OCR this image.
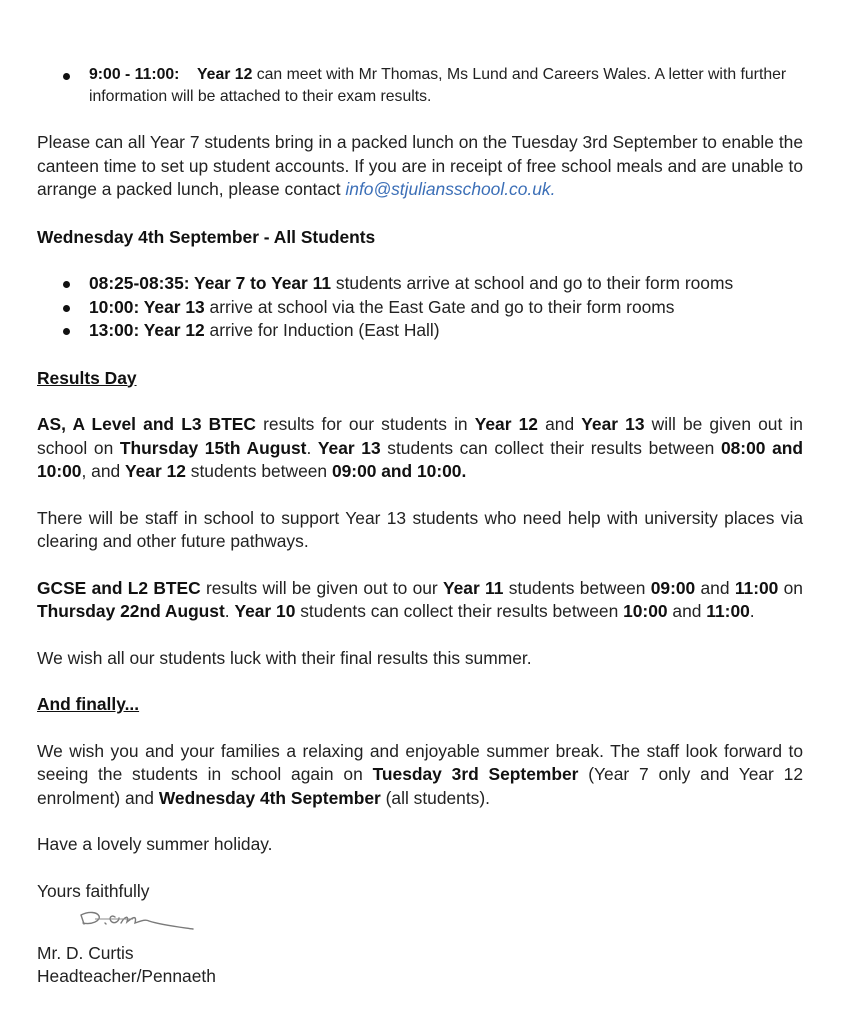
9:00 - 11:00: Year 12 can meet with Mr Thomas, Ms Lund and Careers Wales. A letter with further information will be attached to their exam results.

Please can all Year 7 students bring in a packed lunch on the Tuesday 3rd September to enable the canteen time to set up student accounts. If you are in receipt of free school meals and are unable to arrange a packed lunch, please contact info@stjuliansschool.co.uk.

Wednesday 4th September - All Students

08:25-08:35: Year 7 to Year 11 students arrive at school and go to their form rooms
10:00: Year 13 arrive at school via the East Gate and go to their form rooms
13:00: Year 12 arrive for Induction (East Hall)

Results Day

AS, A Level and L3 BTEC results for our students in Year 12 and Year 13 will be given out in school on Thursday 15th August. Year 13 students can collect their results between 08:00 and 10:00, and Year 12 students between 09:00 and 10:00.

There will be staff in school to support Year 13 students who need help with university places via clearing and other future pathways.

GCSE and L2 BTEC results will be given out to our Year 11 students between 09:00 and 11:00 on Thursday 22nd August. Year 10 students can collect their results between 10:00 and 11:00.

We wish all our students luck with their final results this summer.

And finally...

We wish you and your families a relaxing and enjoyable summer break. The staff look forward to seeing the students in school again on Tuesday 3rd September (Year 7 only and Year 12 enrolment) and Wednesday 4th September (all students).

Have a lovely summer holiday.

Yours faithfully

Mr. D. Curtis

Headteacher/Pennaeth
